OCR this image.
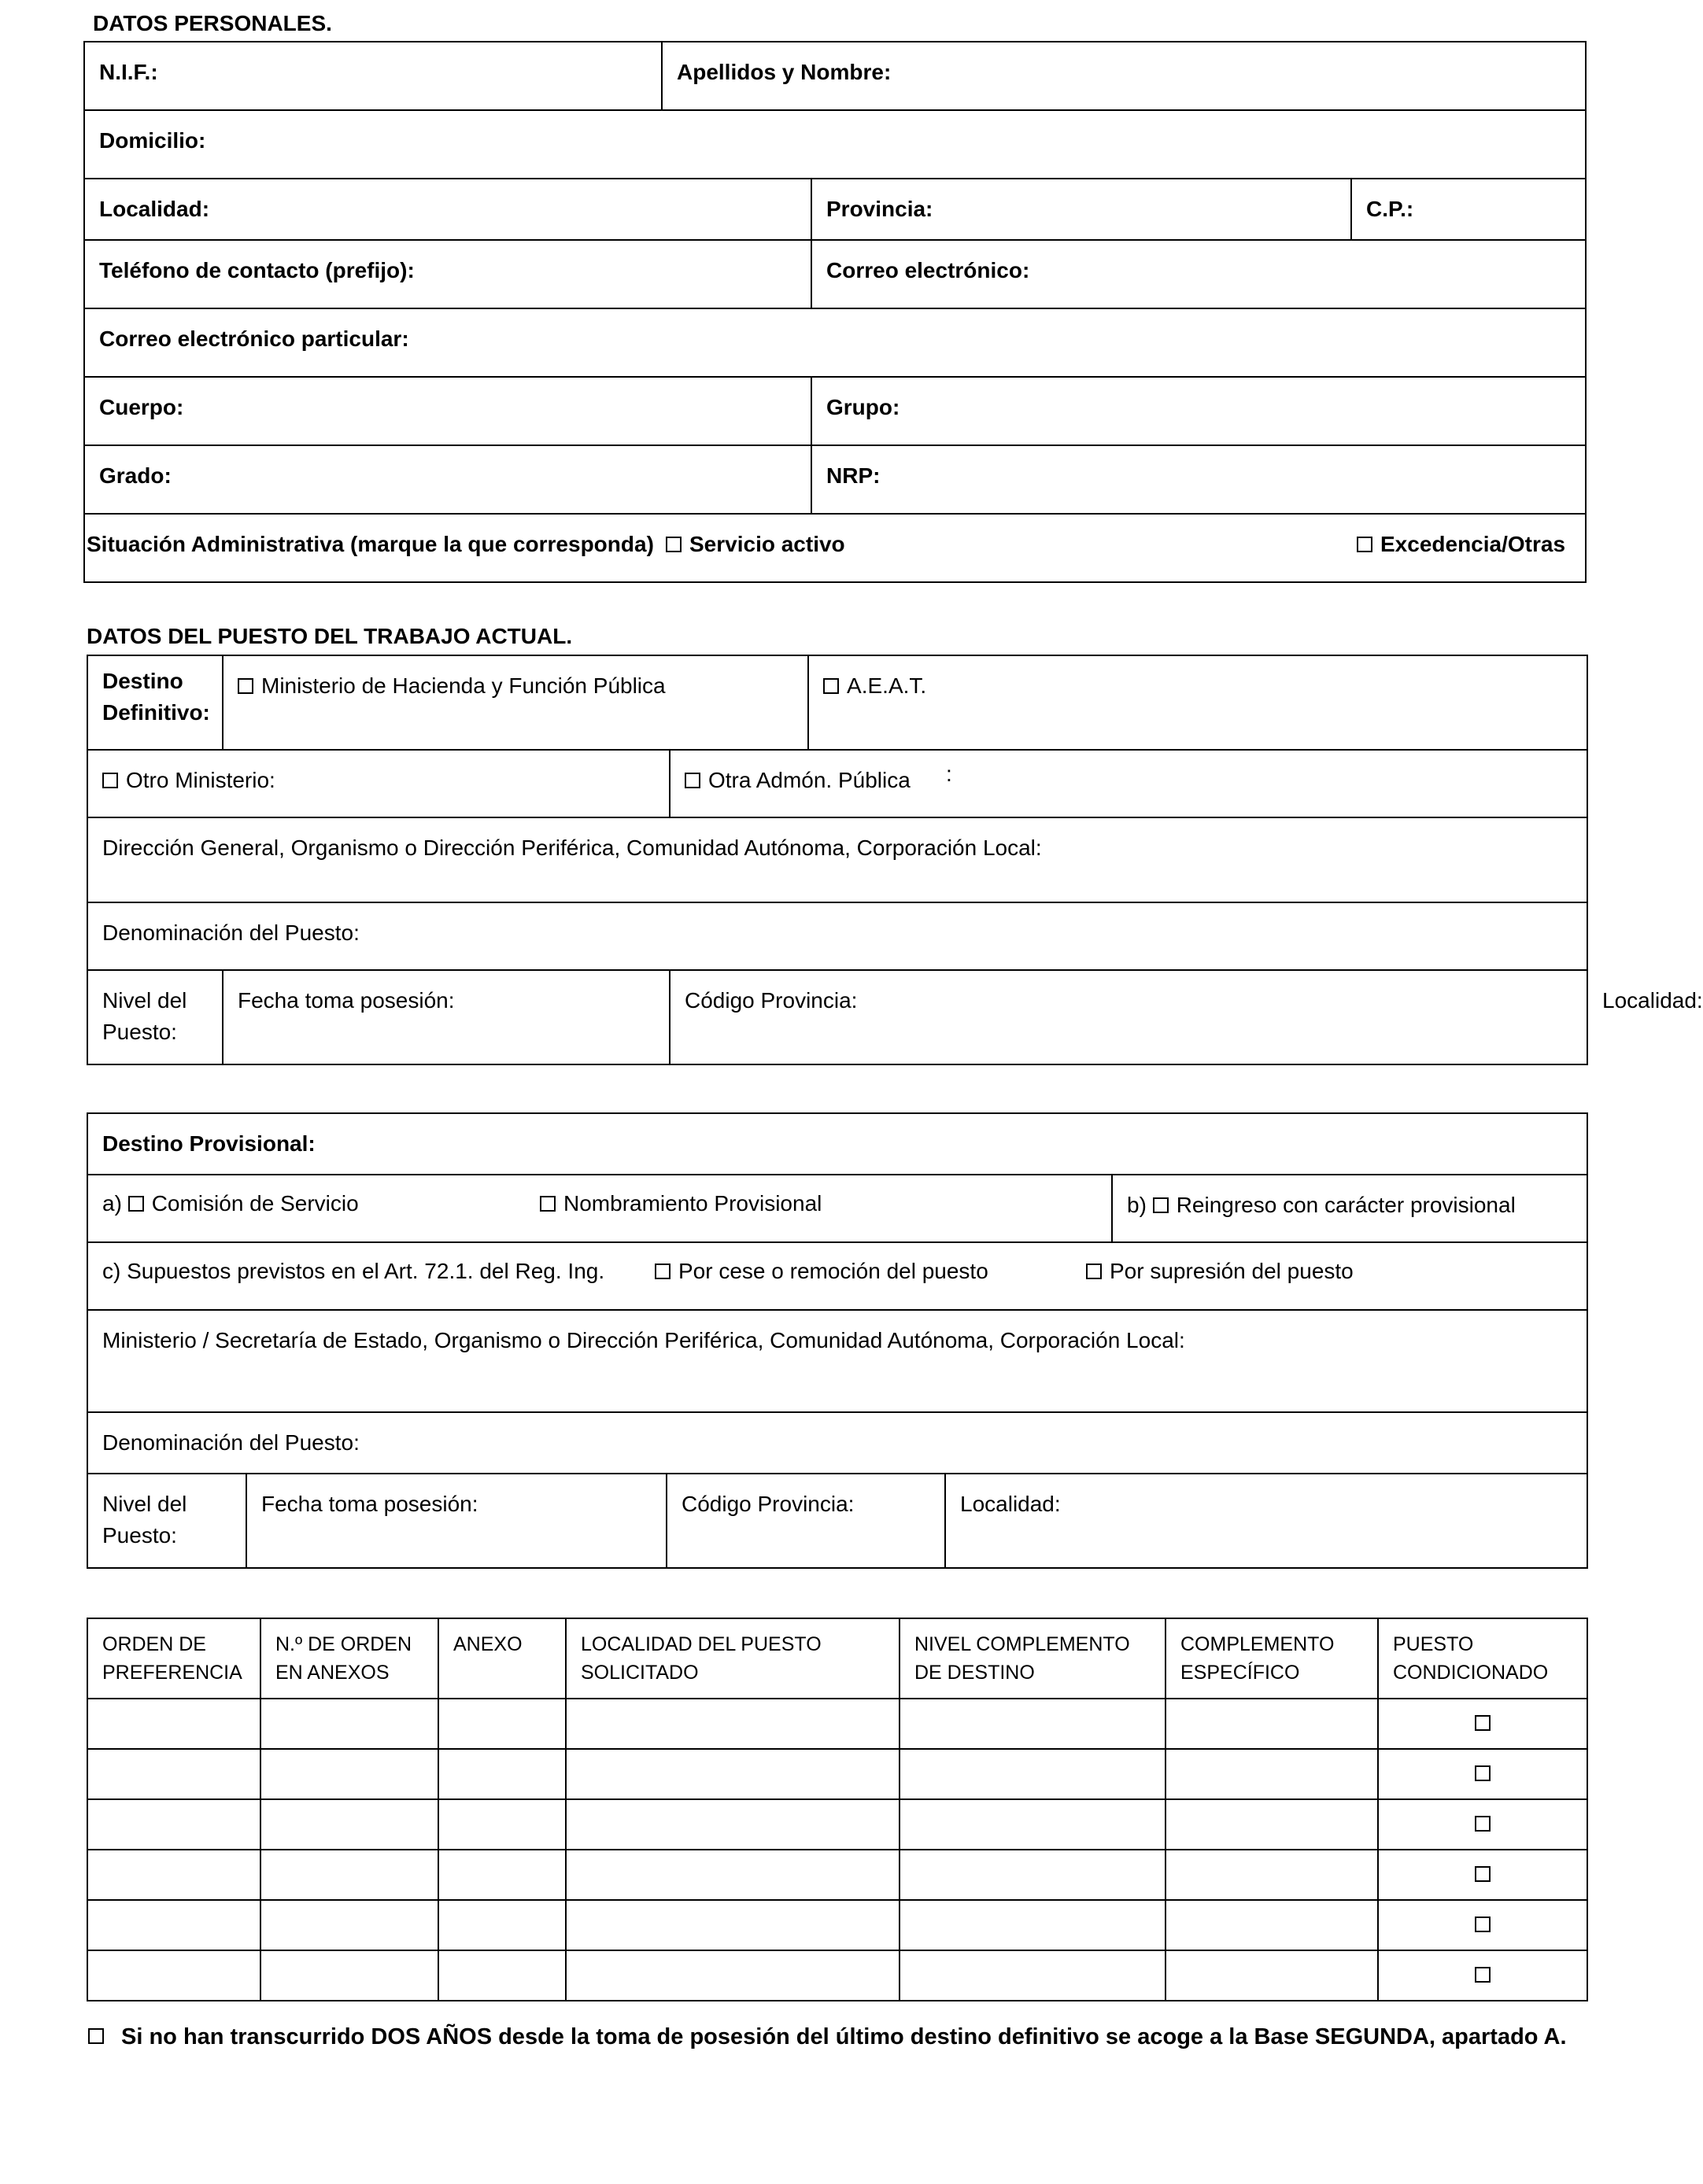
DATOS PERSONALES.
N.I.F.:	Apellidos y Nombre:		

Domicilio:			

Localidad:		Provincia:	C.P.:

Teléfono de contacto (prefijo):		Correo electrónico:	

Correo electrónico particular:			

Cuerpo:		Grupo:	

Grado:		NRP:	

Situación Administrativa (marque la que corresponda) Servicio activo Excedencia/Otras			
DATOS DEL PUESTO DEL TRABAJO ACTUAL.
Destino Definitivo:	Ministerio de Hacienda y Función Pública		A.E.A.T.	

Otro Ministerio:		Otra Admón. Pública :		

Dirección General, Organismo o Dirección Periférica, Comunidad Autónoma, Corporación Local:				

Denominación del Puesto:				

Nivel del Puesto:	Fecha toma posesión:	Código Provincia:		Localidad:
Destino Provisional:				

a) Comisión de Servicio Nombramiento Provisional				b) Reingreso con carácter provisional

c) Supuestos previstos en el Art. 72.1. del Reg. Ing. Por cese o remoción del puesto Por supresión del puesto				

Ministerio / Secretaría de Estado, Organismo o Dirección Periférica, Comunidad Autónoma, Corporación Local:				

Denominación del Puesto:				

Nivel del Puesto:	Fecha toma posesión:	Código Provincia:	Localidad:	
ORDEN DE PREFERENCIA	N.º DE ORDEN EN ANEXOS	ANEXO	LOCALIDAD DEL PUESTO SOLICITADO	NIVEL COMPLEMENTO DE DESTINO	COMPLEMENTO ESPECÍFICO	PUESTO CONDICIONADO

Si no han transcurrido DOS AÑOS desde la toma de posesión del último destino definitivo se acoge a la Base SEGUNDA, apartado A.
